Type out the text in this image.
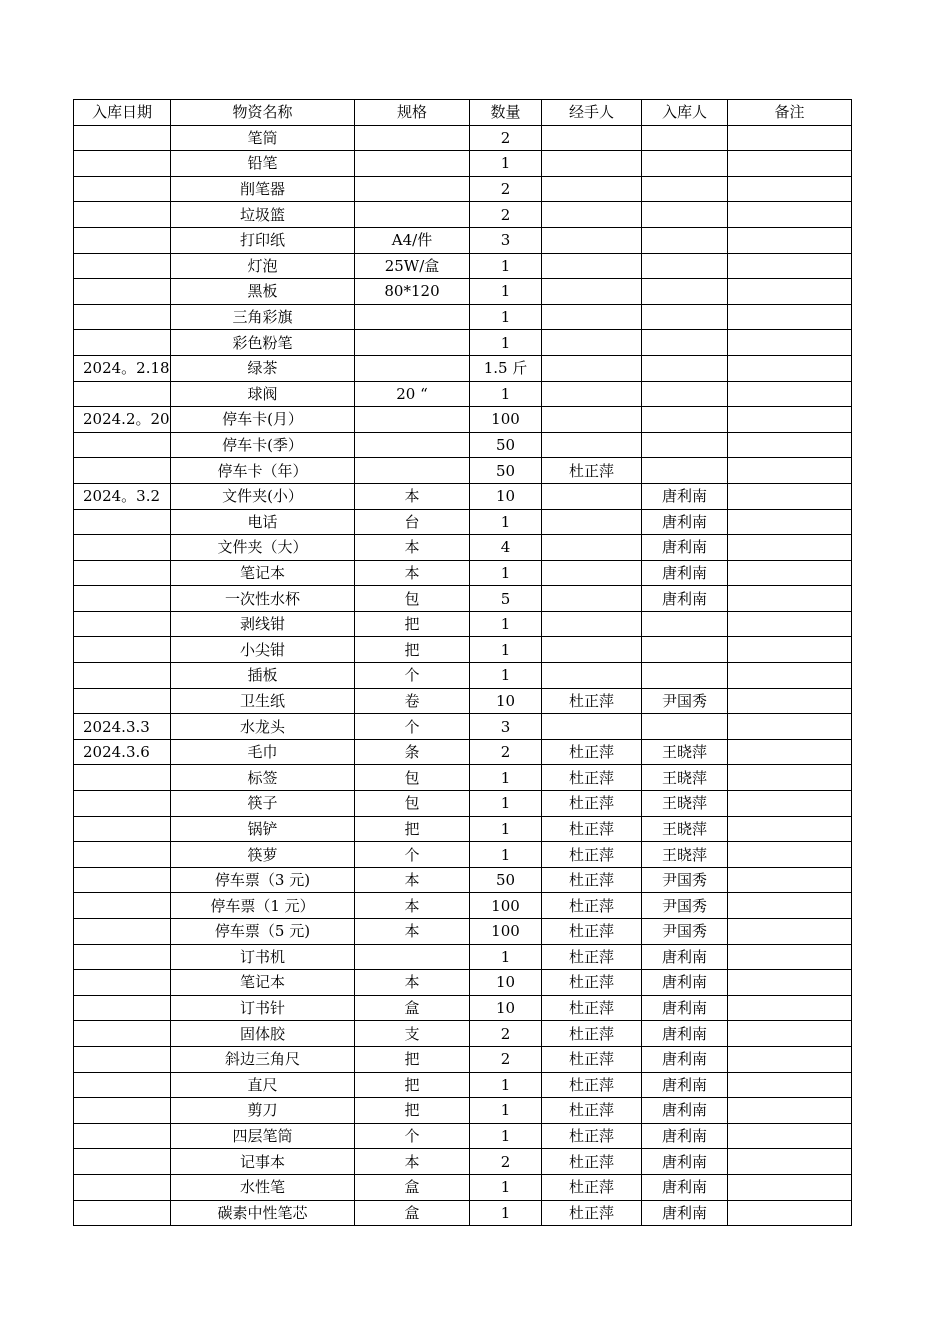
入库日期	物资名称	规格	数量	经手人	入库人	备注
	笔筒		2			
	铅笔		1			
	削笔器		2			
	垃圾篮		2			
	打印纸	A4/件	3			
	灯泡	25W/盒	1			
	黑板	80*120	1			
	三角彩旗		1			
	彩色粉笔		1			
2024。2.18	绿茶		1.5 斤			
	球阀	20 “	1			
2024.2。20	停车卡(月）		100			
	停车卡(季）		50			
	停车卡（年）		50	杜正萍		
2024。3.2	文件夹(小）	本	10		唐利南	
	电话	台	1		唐利南	
	文件夹（大）	本	4		唐利南	
	笔记本	本	1		唐利南	
	一次性水杯	包	5		唐利南	
	剥线钳	把	1			
	小尖钳	把	1			
	插板	个	1			
	卫生纸	卷	10	杜正萍	尹国秀	
2024.3.3	水龙头	个	3			
2024.3.6	毛巾	条	2	杜正萍	王晓萍	
	标签	包	1	杜正萍	王晓萍	
	筷子	包	1	杜正萍	王晓萍	
	锅铲	把	1	杜正萍	王晓萍	
	筷萝	个	1	杜正萍	王晓萍	
	停车票（3 元)	本	50	杜正萍	尹国秀	
	停车票（1 元）	本	100	杜正萍	尹国秀	
	停车票（5 元)	本	100	杜正萍	尹国秀	
	订书机		1	杜正萍	唐利南	
	笔记本	本	10	杜正萍	唐利南	
	订书针	盒	10	杜正萍	唐利南	
	固体胶	支	2	杜正萍	唐利南	
	斜边三角尺	把	2	杜正萍	唐利南	
	直尺	把	1	杜正萍	唐利南	
	剪刀	把	1	杜正萍	唐利南	
	四层笔筒	个	1	杜正萍	唐利南	
	记事本	本	2	杜正萍	唐利南	
	水性笔	盒	1	杜正萍	唐利南	
	碳素中性笔芯	盒	1	杜正萍	唐利南	
